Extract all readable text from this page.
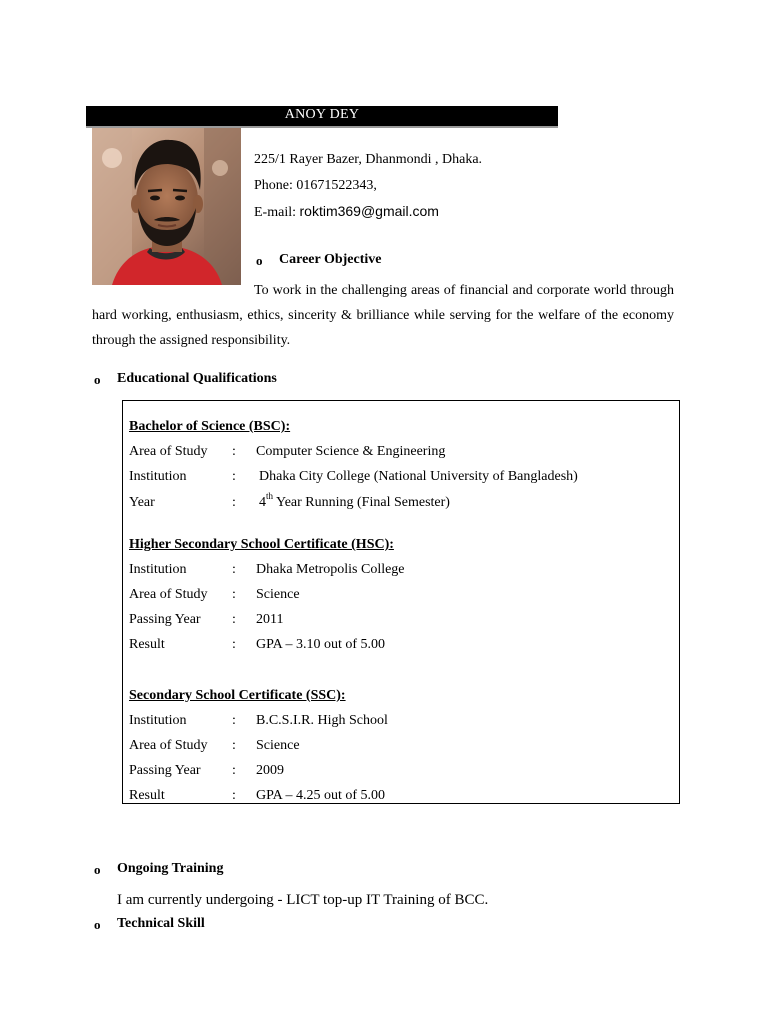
ANOY DEY
225/1 Rayer Bazer, Dhanmondi , Dhaka.
Phone: 01671522343,
E-mail: roktim369@gmail.com
o Career Objective
To work in the challenging areas of financial and corporate world through hard working, enthusiasm, ethics, sincerity & brilliance while serving for the welfare of the economy through the assigned responsibility.
o Educational Qualifications
Bachelor of Science (BSC):
Area of Study : Computer Science & Engineering
Institution	: Dhaka City College (National University of Bangladesh)
Year	: 4th Year Running (Final Semester)
Higher Secondary School Certificate (HSC):
Institution	: Dhaka Metropolis College
Area of Study : Science
Passing Year : 2011
Result	: GPA – 3.10 out of 5.00
Secondary School Certificate (SSC):
Institution	: B.C.S.I.R. High School
Area of Study : Science
Passing Year : 2009
Result	: GPA – 4.25 out of 5.00
o Ongoing Training
I am currently undergoing - LICT top-up IT Training of BCC.
o Technical Skill
